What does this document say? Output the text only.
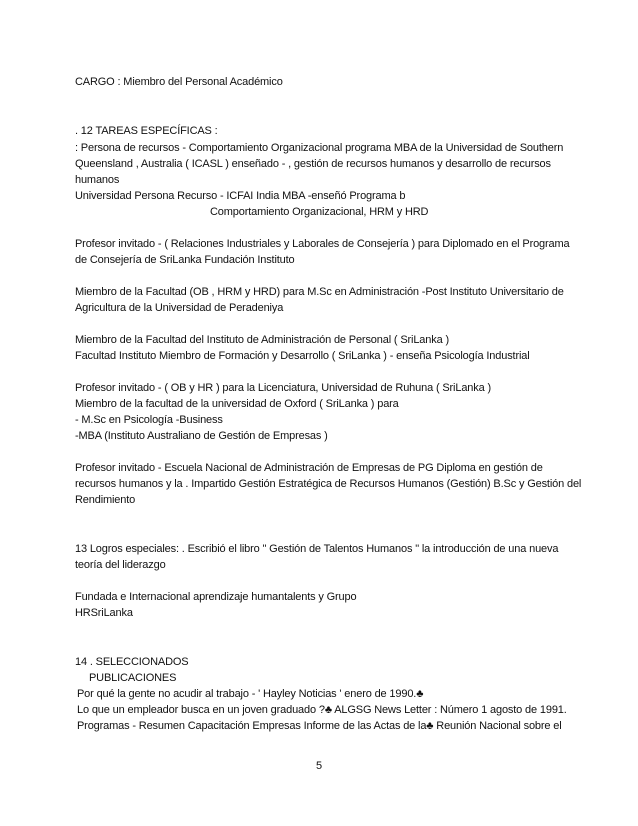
CARGO : Miembro del Personal Académico
. 12 TAREAS ESPECÍFICAS :
: Persona de recursos - Comportamiento Organizacional programa MBA de la Universidad de Southern
Queensland , Australia ( ICASL ) enseñado - , gestión de recursos humanos y desarrollo de recursos
humanos
Universidad Persona Recurso - ICFAI India MBA -enseñó Programa b
Comportamiento Organizacional, HRM y HRD
Profesor invitado - ( Relaciones Industriales y Laborales de Consejería ) para Diplomado en el Programa
de Consejería de SriLanka Fundación Instituto
Miembro de la Facultad (OB , HRM y HRD) para M.Sc en Administración -Post Instituto Universitario de
Agricultura de la Universidad de Peradeniya
Miembro de la Facultad del Instituto de Administración de Personal ( SriLanka )
Facultad Instituto Miembro de Formación y Desarrollo ( SriLanka ) - enseña Psicología Industrial
Profesor invitado - ( OB y HR ) para la Licenciatura, Universidad de Ruhuna ( SriLanka )
Miembro de la facultad de la universidad de Oxford ( SriLanka ) para
- M.Sc en Psicología -Business
-MBA (Instituto Australiano de Gestión de Empresas )
Profesor invitado - Escuela Nacional de Administración de Empresas de PG Diploma en gestión de
recursos humanos y la . Impartido Gestión Estratégica de Recursos Humanos (Gestión) B.Sc y Gestión del
Rendimiento
13 Logros especiales: . Escribió el libro " Gestión de Talentos Humanos " la introducción de una nueva
teoría del liderazgo
Fundada e Internacional aprendizaje humantalents y Grupo
HRSriLanka
14 . SELECCIONADOS
PUBLICACIONES
Por qué la gente no acudir al trabajo - ' Hayley Noticias ' enero de 1990.♣
Lo que un empleador busca en un joven graduado ?♣ ALGSG News Letter : Número 1 agosto de 1991.
Programas - Resumen Capacitación Empresas Informe de las Actas de la♣ Reunión Nacional sobre el
5
